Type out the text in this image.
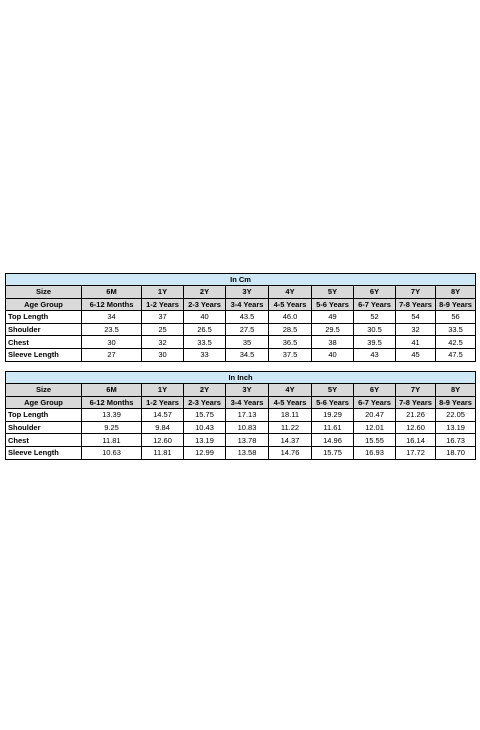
In Cm									
Size	6M	1Y	2Y	3Y	4Y	5Y	6Y	7Y	8Y
Age Group	6-12 Months	1-2 Years	2-3 Years	3-4 Years	4-5 Years	5-6 Years	6-7 Years	7-8 Years	8-9 Years
Top Length	34	37	40	43.5	46.0	49	52	54	56
Shoulder	23.5	25	26.5	27.5	28.5	29.5	30.5	32	33.5
Chest	30	32	33.5	35	36.5	38	39.5	41	42.5
Sleeve Length	27	30	33	34.5	37.5	40	43	45	47.5
In Inch									
Size	6M	1Y	2Y	3Y	4Y	5Y	6Y	7Y	8Y
Age Group	6-12 Months	1-2 Years	2-3 Years	3-4 Years	4-5 Years	5-6 Years	6-7 Years	7-8 Years	8-9 Years
Top Length	13.39	14.57	15.75	17.13	18.11	19.29	20.47	21.26	22.05
Shoulder	9.25	9.84	10.43	10.83	11.22	11.61	12.01	12.60	13.19
Chest	11.81	12.60	13.19	13.78	14.37	14.96	15.55	16.14	16.73
Sleeve Length	10.63	11.81	12.99	13.58	14.76	15.75	16.93	17.72	18.70
